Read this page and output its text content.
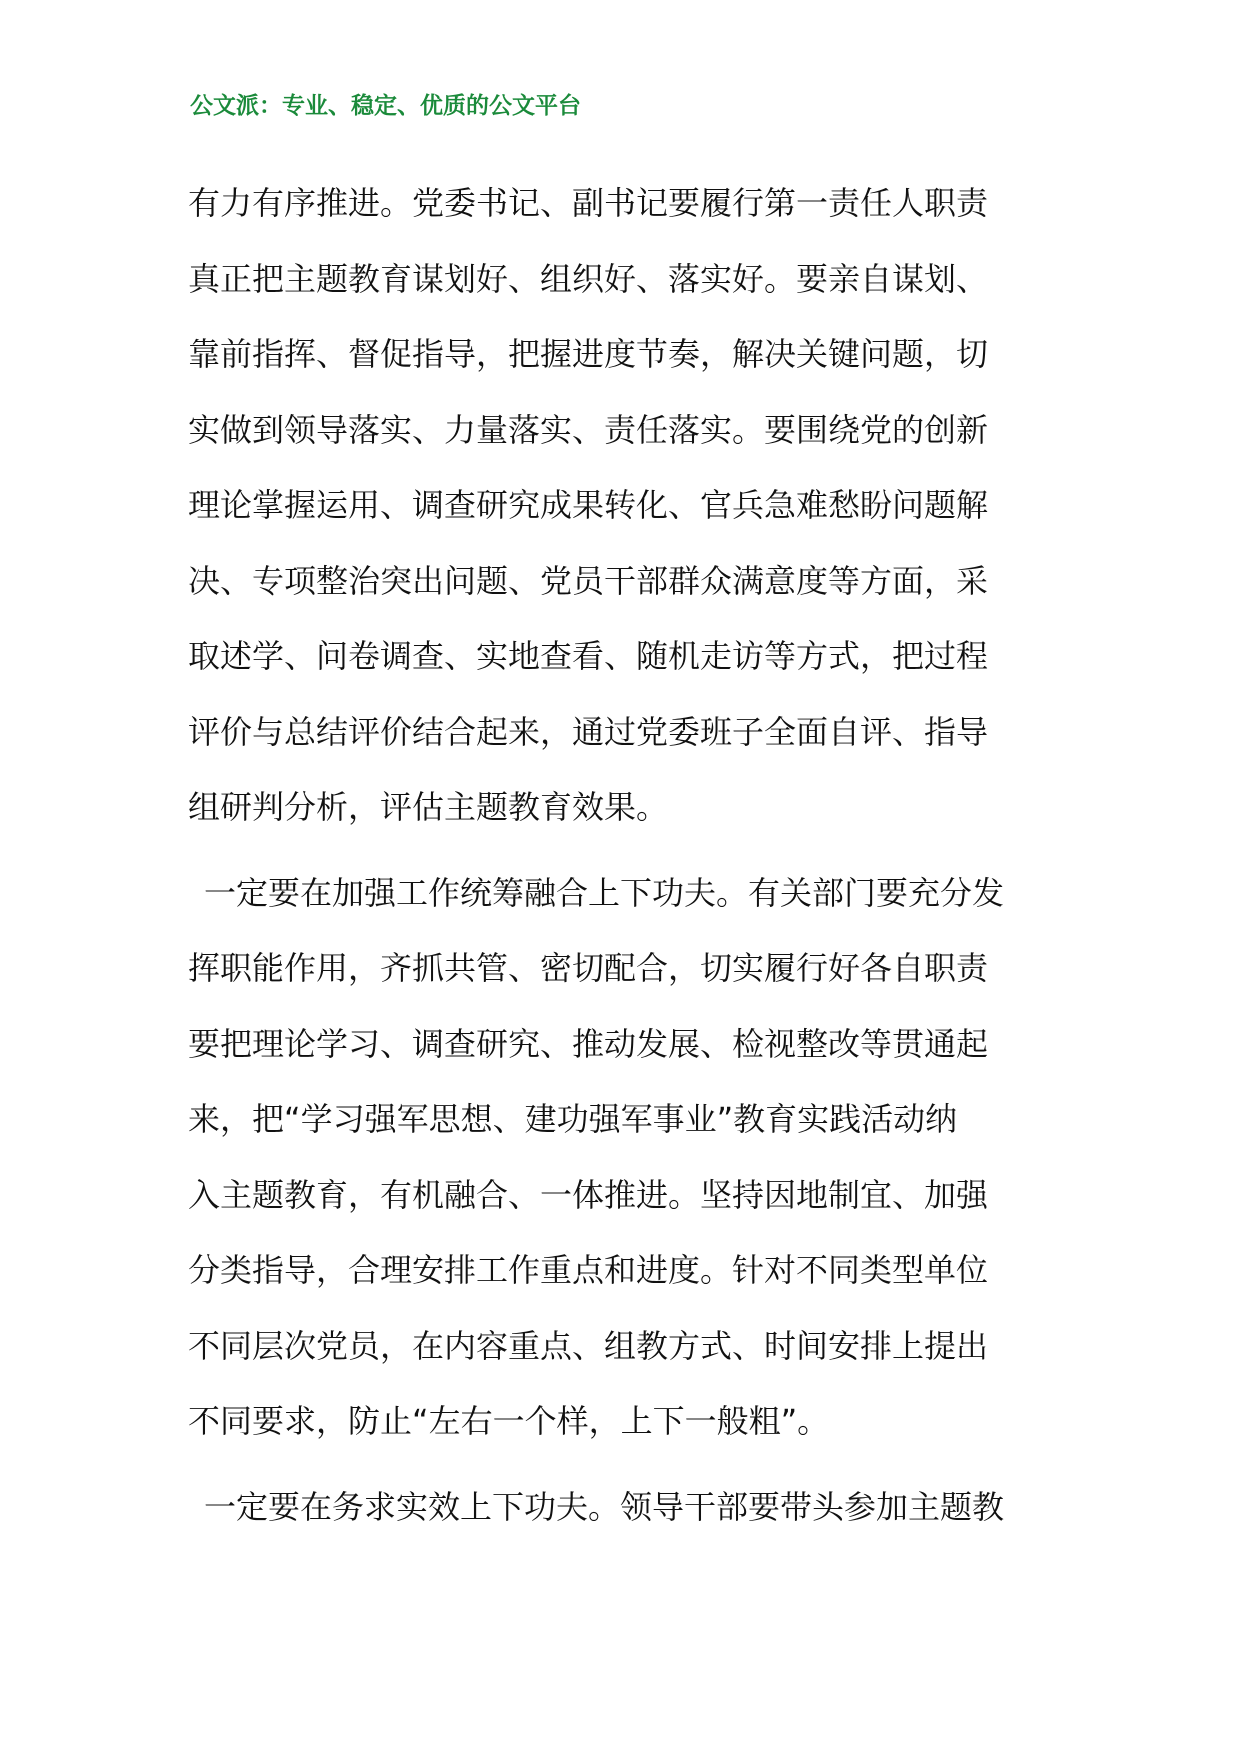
公文派：专业、稳定、优质的公文平台

有力有序推进。党委书记、副书记要履行第一责任人职责
真正把主题教育谋划好、组织好、落实好。要亲自谋划、
靠前指挥、督促指导，把握进度节奏，解决关键问题，切
实做到领导落实、力量落实、责任落实。要围绕党的创新
理论掌握运用、调查研究成果转化、官兵急难愁盼问题解
决、专项整治突出问题、党员干部群众满意度等方面，采
取述学、问卷调查、实地查看、随机走访等方式，把过程
评价与总结评价结合起来，通过党委班子全面自评、指导
组研判分析，评估主题教育效果。

一定要在加强工作统筹融合上下功夫。有关部门要充分发
挥职能作用，齐抓共管、密切配合，切实履行好各自职责
要把理论学习、调查研究、推动发展、检视整改等贯通起
来，把“学习强军思想、建功强军事业”教育实践活动纳
入主题教育，有机融合、一体推进。坚持因地制宜、加强
分类指导，合理安排工作重点和进度。针对不同类型单位
不同层次党员，在内容重点、组教方式、时间安排上提出
不同要求，防止“左右一个样，上下一般粗”。

一定要在务求实效上下功夫。领导干部要带头参加主题教
